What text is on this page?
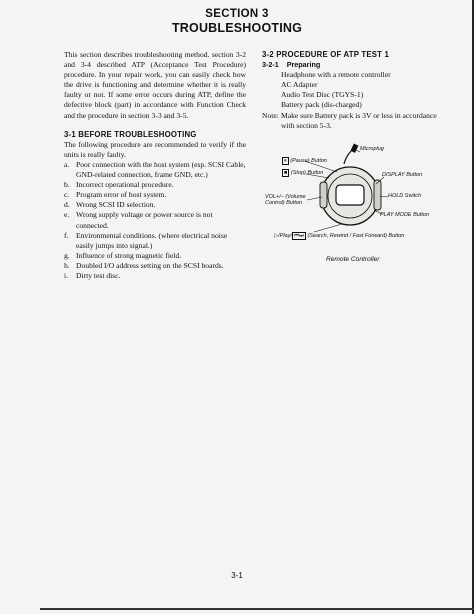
SECTION 3
TROUBLESHOOTING

This section describes troubleshooting method. section 3-2 and 3-4 described ATP (Acceptance Test Procedure) procedure. In your repair work, you can easily check how the drive is functioning and determine whether it is really faulty or not. If some error occurs during ATP, define the defective block (part) in accordance with Function Check and the procedure in section 3-3 and 3-5.

3-1 BEFORE TROUBLESHOOTING

The following procedure are recommended to verify if the units is really faulty.

a. Poor connection with the host system (esp. SCSI Cable, GND-related connection, frame GND, etc.)
b. Incorrect operational procedure.
c. Program error of host system.
d. Wrong SCSI ID selection.
e. Wrong supply voltage or power source is not connected.
f. Environmental conditions. (where electrical noise easily jumps into signal.)
g. Influence of strong magnetic field.
h. Doubled I/O address setting on the SCSI boards.
i. Dirty test disc.

3-2 PROCEDURE OF ATP TEST 1

3-2-1 Preparing
Headphone with a remote controller
AC Adapter
Audio Test Disc (TGYS-1)
Battery pack (dis-charged)
Note: Make sure Battery pack is 3V or less in accordance with section 5-3.
⏸ (Pause) Button
■ (Stop) Button
Microplug
DISPLAY Button
HOLD Switch
VOL+/– (Volume Control) Button
PLAY MODE Button
▷/Play/ ⏮⏭ (Search, Rewind / Fast Forward) Button
Remote Controller
3-1
